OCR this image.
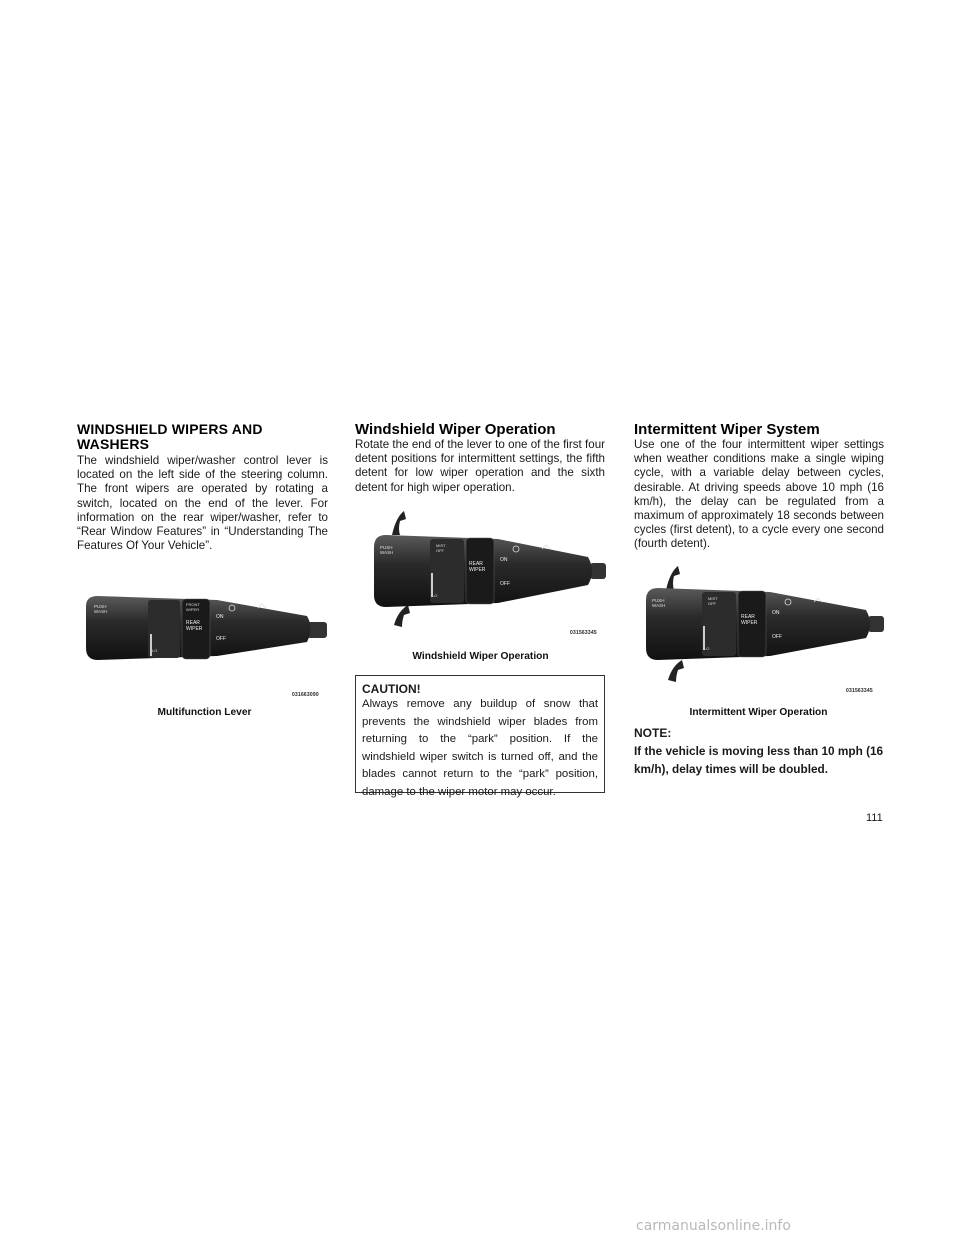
WINDSHIELD WIPERS AND WASHERS

The windshield wiper/washer control lever is located on the left side of the steering column. The front wipers are operated by rotating a switch, located on the end of the lever. For information on the rear wiper/washer, refer to “Rear Window Features” in “Understanding The Features Of Your Vehicle”.

PUSH
WASH
FRONT
WIPER
REAR
WIPER
ON
OFF
LO
031663090
Multifunction Lever
Windshield Wiper Operation

Rotate the end of the lever to one of the first four detent positions for intermittent settings, the fifth detent for low wiper operation and the sixth detent for high wiper operation.

PUSH
WASH
MIST
OFF
REAR
WIPER
ON
OFF
LO
031563345
Windshield Wiper Operation
CAUTION!
Always remove any buildup of snow that prevents the windshield wiper blades from returning to the “park” position. If the windshield wiper switch is turned off, and the blades cannot return to the “park” position, damage to the wiper motor may occur.
Intermittent Wiper System

Use one of the four intermittent wiper settings when weather conditions make a single wiping cycle, with a variable delay between cycles, desirable. At driving speeds above 10 mph (16 km/h), the delay can be regulated from a maximum of approximately 18 seconds between cycles (first detent), to a cycle every one second (fourth detent).

PUSH
WASH
MIST
OFF
REAR
WIPER
ON
OFF
LO
031563345
Intermittent Wiper Operation
NOTE:
If the vehicle is moving less than 10 mph (16 km/h), delay times will be doubled.
111
carmanualsonline.info
